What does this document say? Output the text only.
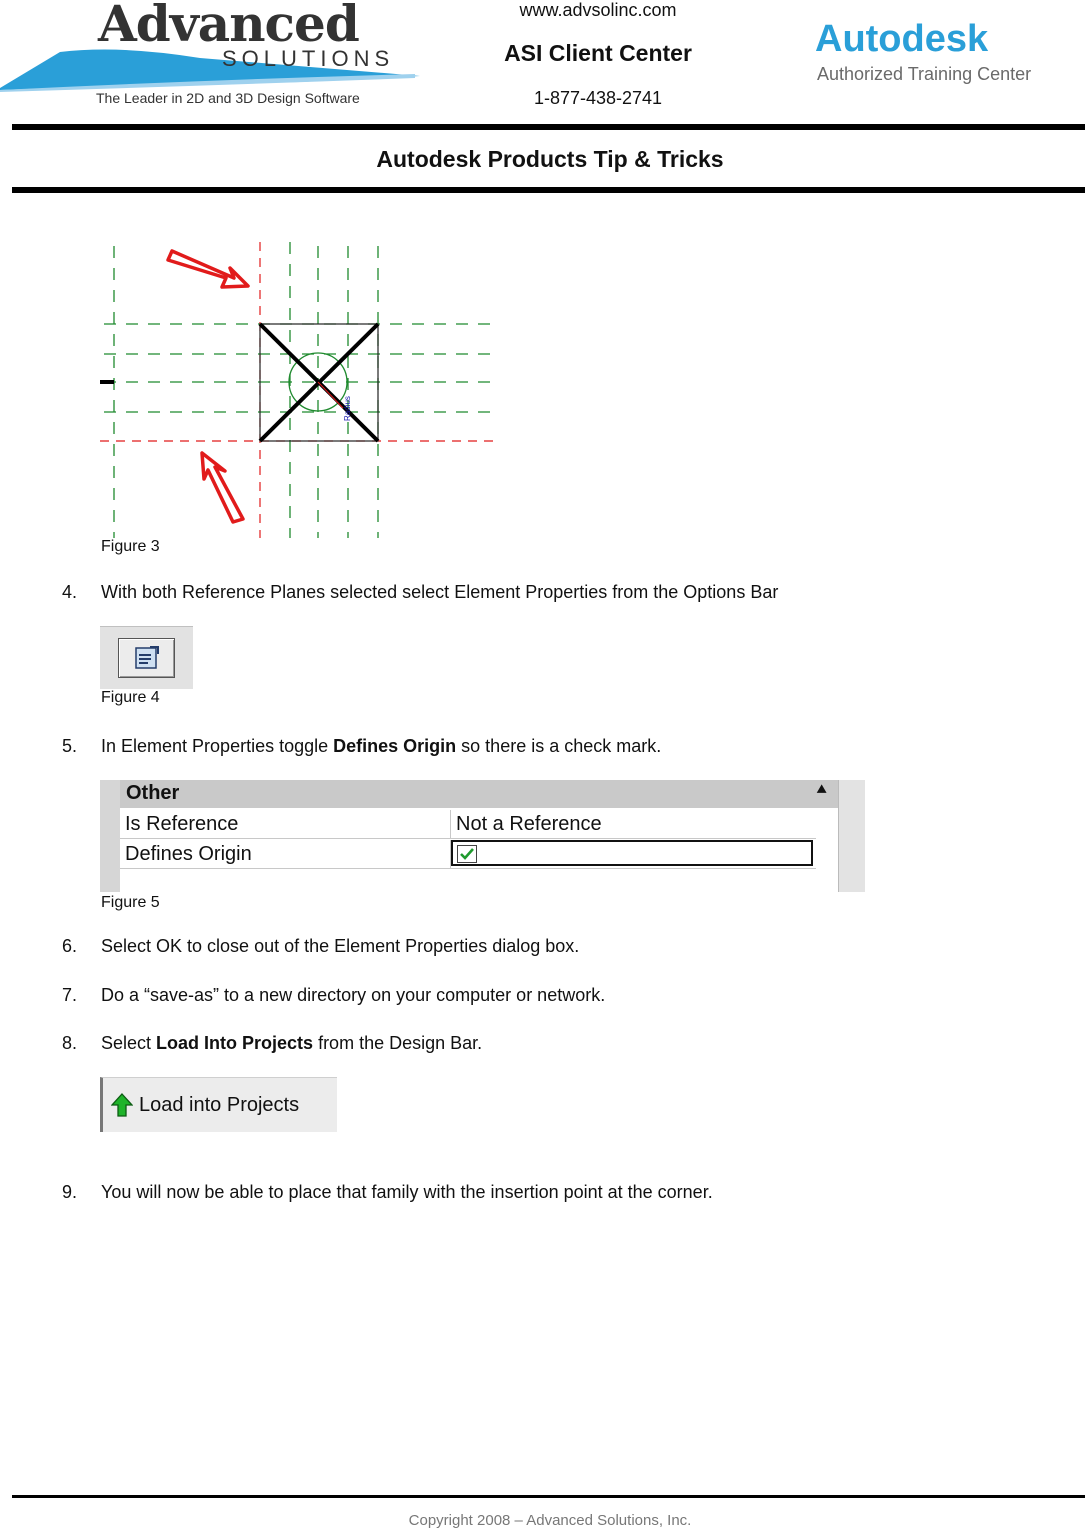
Advanced
SOLUTIONS
The Leader in 2D and 3D Design Software
www.advsolinc.com
ASI Client Center
1-877-438-2741
Autodesk
Authorized Training Center
Autodesk Products Tip & Tricks
Radius
Figure 3
4. With both Reference Planes selected select Element Properties from the Options Bar
Figure 4
5. In Element Properties toggle Defines Origin so there is a check mark.
Other	⯅
Is Reference	Not a Reference
Defines Origin
Figure 5
6. Select OK to close out of the Element Properties dialog box.
7. Do a “save-as” to a new directory on your computer or network.
8. Select Load Into Projects from the Design Bar.
Load into Projects
9. You will now be able to place that family with the insertion point at the corner.
Copyright 2008 – Advanced Solutions, Inc.
